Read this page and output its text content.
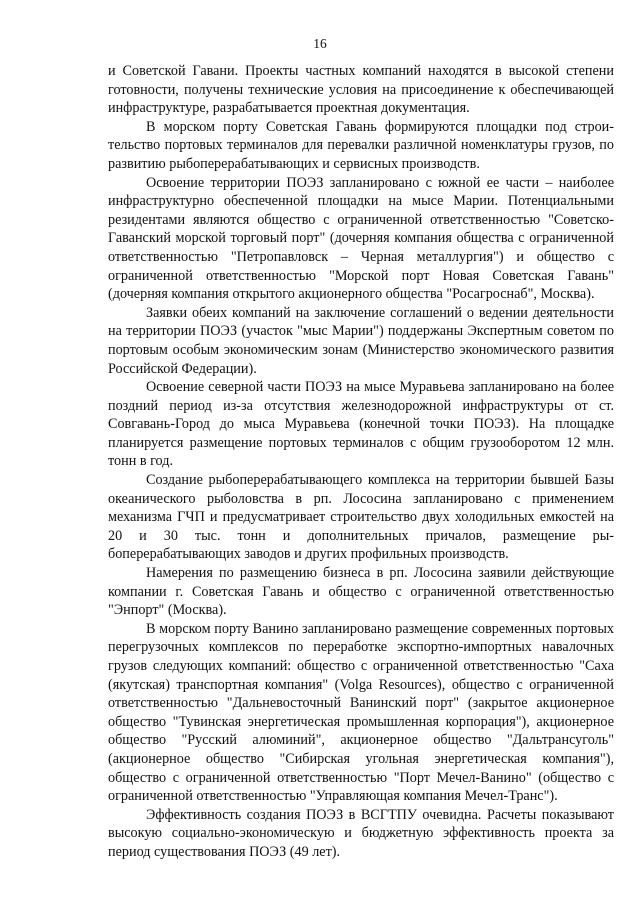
16

и Советской Гавани. Проекты частных компаний находятся в высокой степени готовности, получены технические условия на присоединение к обеспечивающей инфраструктуре, разрабатывается проектная документация.

В морском порту Советская Гавань формируются площадки под строительство портовых терминалов для перевалки различной номенклатуры грузов, по развитию рыбоперерабатывающих и сервисных производств.

Освоение территории ПОЭЗ запланировано с южной ее части – наиболее инфраструктурно обеспеченной площадки на мысе Марии. Потенциальными резидентами являются общество с ограниченной ответственностью "Советско-Гаванский морской торговый порт" (дочерняя компания общества с ограниченной ответственностью "Петропавловск – Черная металлургия") и общество с ограниченной ответственностью "Морской порт Новая Советская Гавань" (дочерняя компания открытого акционерного общества "Росагроснаб", Москва).

Заявки обеих компаний на заключение соглашений о ведении деятельности на территории ПОЭЗ (участок "мыс Марии") поддержаны Экспертным советом по портовым особым экономическим зонам (Министерство экономического развития Российской Федерации).

Освоение северной части ПОЭЗ на мысе Муравьева запланировано на более поздний период из-за отсутствия железнодорожной инфраструктуры от ст. Совгавань-Город до мыса Муравьева (конечной точки ПОЭЗ). На площадке планируется размещение портовых терминалов с общим грузооборотом 12 млн. тонн в год.

Создание рыбоперерабатывающего комплекса на территории бывшей Базы океанического рыболовства в рп. Лососина запланировано с применением механизма ГЧП и предусматривает строительство двух холодильных емкостей на 20 и 30 тыс. тонн и дополнительных причалов, размещение рыбоперерабатывающих заводов и других профильных производств.

Намерения по размещению бизнеса в рп. Лососина заявили действующие компании г. Советская Гавань и общество с ограниченной ответственностью "Энпорт" (Москва).

В морском порту Ванино запланировано размещение современных портовых перегрузочных комплексов по переработке экспортно-импортных навалочных грузов следующих компаний: общество с ограниченной ответственностью "Саха (якутская) транспортная компания" (Volga Resources), общество с ограниченной ответственностью "Дальневосточный Ванинский порт" (закрытое акционерное общество "Тувинская энергетическая промышленная корпорация"), акционерное общество "Русский алюминий", акционерное общество "Дальтрансуголь" (акционерное общество "Сибирская угольная энергетическая компания"), общество с ограниченной ответственностью "Порт Мечел-Ванино" (общество с ограниченной ответственностью "Управляющая компания Мечел-Транс").

Эффективность создания ПОЭЗ в ВСГТПУ очевидна. Расчеты показывают высокую социально-экономическую и бюджетную эффективность проекта за период существования ПОЭЗ (49 лет).
